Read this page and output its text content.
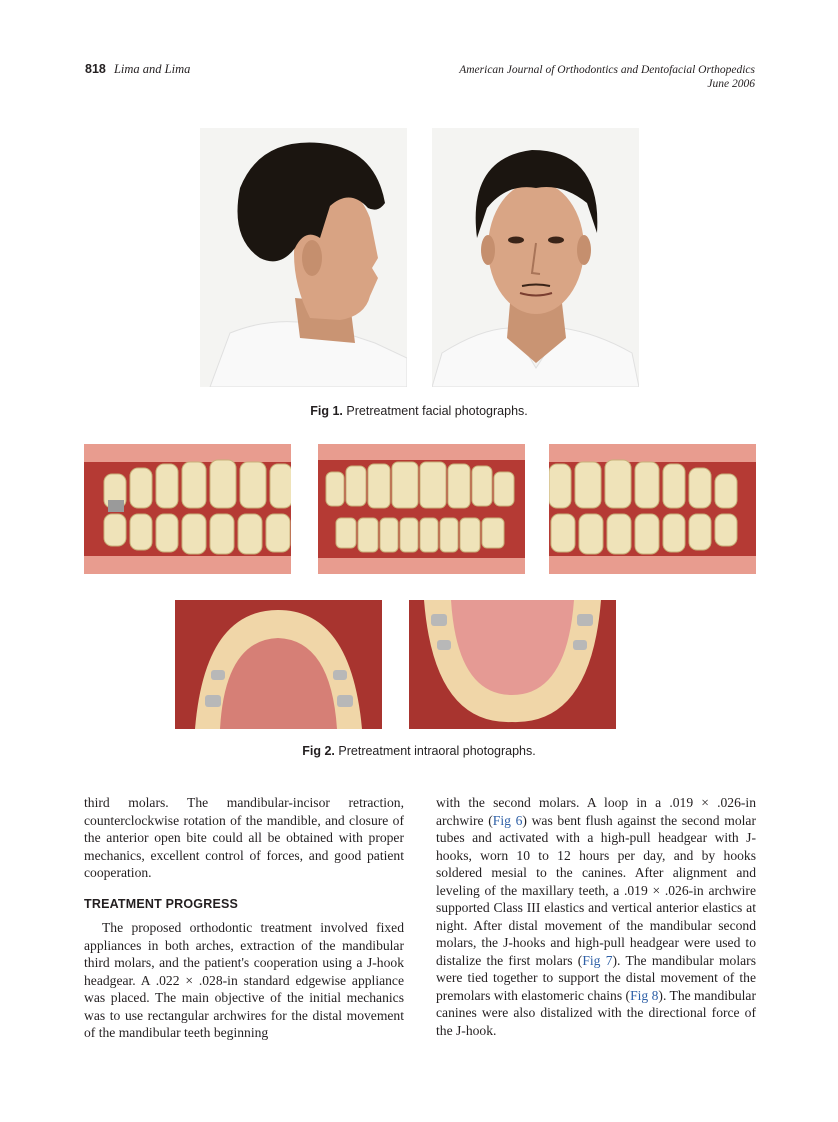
818 Lima and Lima	American Journal of Orthodontics and Dentofacial Orthopedics
June 2006
Fig 1. Pretreatment facial photographs.
Fig 2. Pretreatment intraoral photographs.

third molars. The mandibular-incisor retraction, counterclockwise rotation of the mandible, and closure of the anterior open bite could all be obtained with proper mechanics, excellent control of forces, and good patient cooperation.

TREATMENT PROGRESS

The proposed orthodontic treatment involved fixed appliances in both arches, extraction of the mandibular third molars, and the patient's cooperation using a J-hook headgear. A .022 × .028-in standard edgewise appliance was placed. The main objective of the initial mechanics was to use rectangular archwires for the distal movement of the mandibular teeth beginning

with the second molars. A loop in a .019 × .026-in archwire (Fig 6) was bent flush against the second molar tubes and activated with a high-pull headgear with J-hooks, worn 10 to 12 hours per day, and by hooks soldered mesial to the canines. After alignment and leveling of the maxillary teeth, a .019 × .026-in archwire supported Class III elastics and vertical anterior elastics at night. After distal movement of the mandibular second molars, the J-hooks and high-pull headgear were used to distalize the first molars (Fig 7). The mandibular molars were tied together to support the distal movement of the premolars with elastomeric chains (Fig 8). The mandibular canines were also distalized with the directional force of the J-hook.
